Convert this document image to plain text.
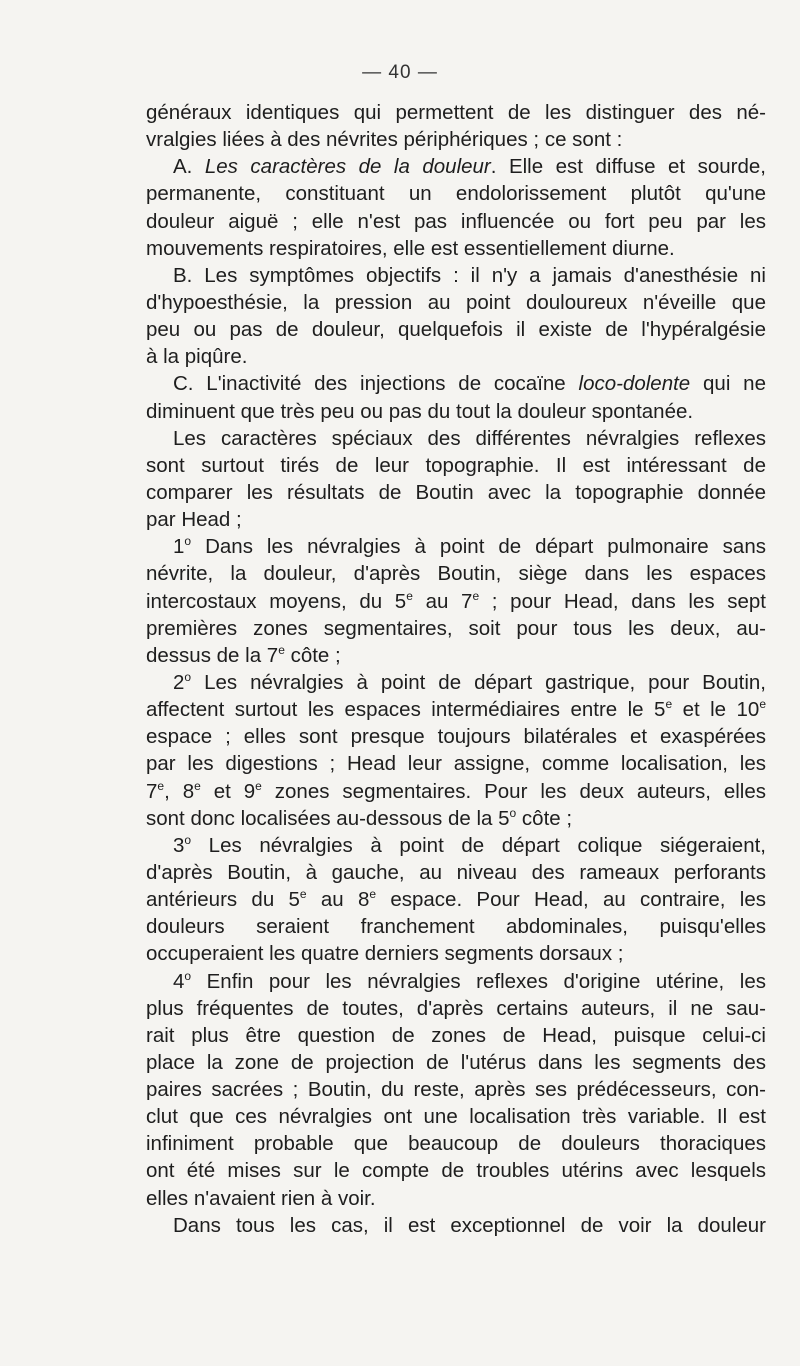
— 40 —
généraux identiques qui permettent de les distinguer des né-
vralgies liées à des névrites périphériques ; ce sont :
A. Les caractères de la douleur. Elle est diffuse et sourde,
permanente, constituant un endolorissement plutôt qu'une
douleur aiguë ; elle n'est pas influencée ou fort peu par les
mouvements respiratoires, elle est essentiellement diurne.
B. Les symptômes objectifs : il n'y a jamais d'anesthésie ni
d'hypoesthésie, la pression au point douloureux n'éveille que
peu ou pas de douleur, quelquefois il existe de l'hypéralgésie
à la piqûre.
C. L'inactivité des injections de cocaïne loco-dolente qui ne
diminuent que très peu ou pas du tout la douleur spontanée.
Les caractères spéciaux des différentes névralgies reflexes
sont surtout tirés de leur topographie. Il est intéressant de
comparer les résultats de Boutin avec la topographie donnée
par Head ;
1$^o$ Dans les névralgies à point de départ pulmonaire sans
névrite, la douleur, d'après Boutin, siège dans les espaces
intercostaux moyens, du 5e au 7e ; pour Head, dans les sept
premières zones segmentaires, soit pour tous les deux, au-
dessus de la 7e côte ;
2$^o$ Les névralgies à point de départ gastrique, pour Boutin,
affectent surtout les espaces intermédiaires entre le 5e et le 10e
espace ; elles sont presque toujours bilatérales et exaspérées
par les digestions ; Head leur assigne, comme localisation, les
7e, 8e et 9e zones segmentaires. Pour les deux auteurs, elles
sont donc localisées au-dessous de la 5$^o$ côte ;
3$^o$ Les névralgies à point de départ colique siégeraient,
d'après Boutin, à gauche, au niveau des rameaux perforants
antérieurs du 5e au 8e espace. Pour Head, au contraire, les
douleurs seraient franchement abdominales, puisqu'elles
occuperaient les quatre derniers segments dorsaux ;
4$^o$ Enfin pour les névralgies reflexes d'origine utérine, les
plus fréquentes de toutes, d'après certains auteurs, il ne sau-
rait plus être question de zones de Head, puisque celui-ci
place la zone de projection de l'utérus dans les segments des
paires sacrées ; Boutin, du reste, après ses prédécesseurs, con-
clut que ces névralgies ont une localisation très variable. Il est
infiniment probable que beaucoup de douleurs thoraciques
ont été mises sur le compte de troubles utérins avec lesquels
elles n'avaient rien à voir.
Dans tous les cas, il est exceptionnel de voir la douleur
